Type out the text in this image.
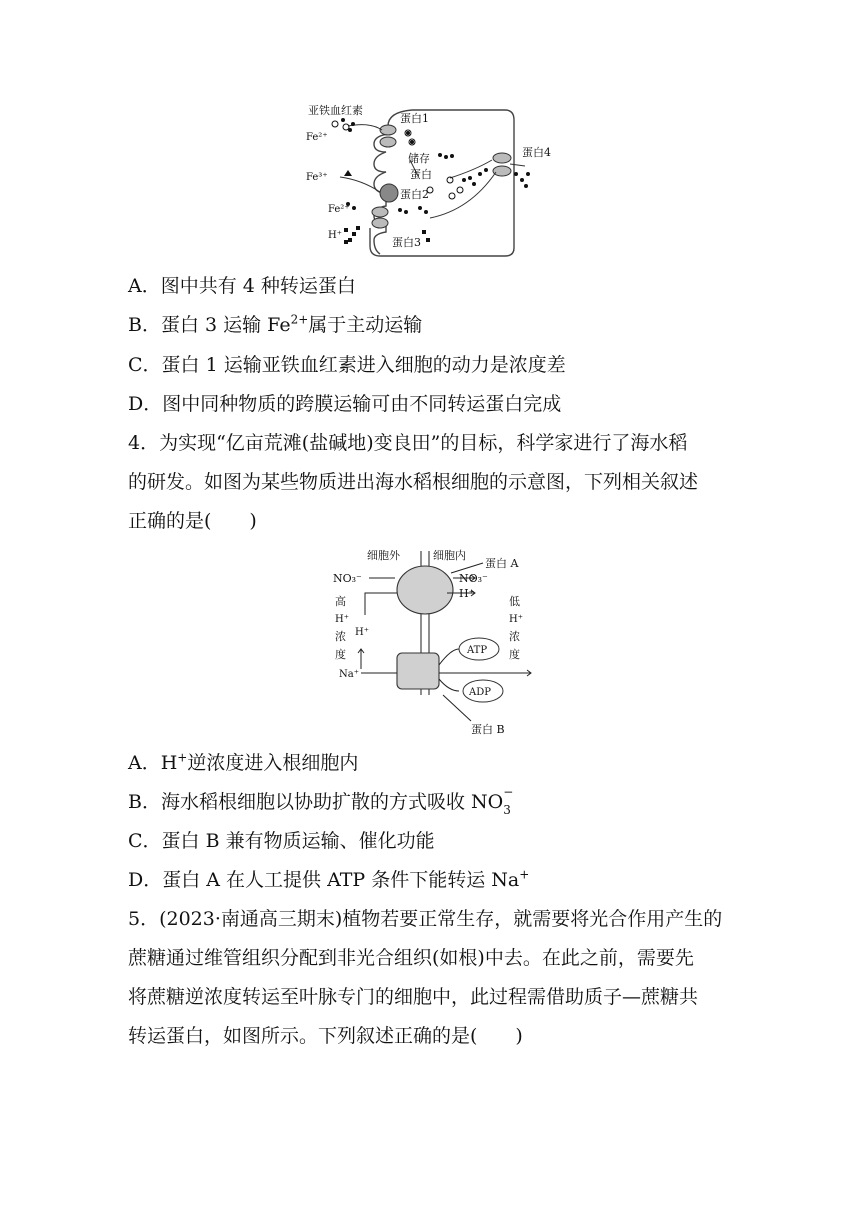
亚铁血红素
Fe²⁺
蛋白1
储存
蛋白
蛋白4
Fe³⁺
蛋白2
Fe²⁺
H⁺
蛋白3
A．图中共有 4 种转运蛋白
B．蛋白 3 运输 $Fe^{2+}$属于主动运输
C．蛋白 1 运输亚铁血红素进入细胞的动力是浓度差
D．图中同种物质的跨膜运输可由不同转运蛋白完成
4．为实现“亿亩荒滩(盐碱地)变良田”的目标，科学家进行了海水稻
的研发。如图为某些物质进出海水稻根细胞的示意图，下列相关叙述
正确的是(　　)
细胞外	细胞内
蛋白 A
NO₃⁻	NO₃⁻
H⁺
高
H⁺
浓
度
低
H⁺
浓
度
H⁺
Na⁺
ATP
ADP
蛋白 B
A．H+逆浓度进入根细胞内
B．海水稻根细胞以协助扩散的方式吸收 NO −
3
C．蛋白 B 兼有物质运输、催化功能
D．蛋白 A 在人工提供 ATP 条件下能转运 Na+
5．(2023·南通高三期末)植物若要正常生存，就需要将光合作用产生的
蔗糖通过维管组织分配到非光合组织(如根)中去。在此之前，需要先
将蔗糖逆浓度转运至叶脉专门的细胞中，此过程需借助质子—蔗糖共
转运蛋白，如图所示。下列叙述正确的是(　　)
